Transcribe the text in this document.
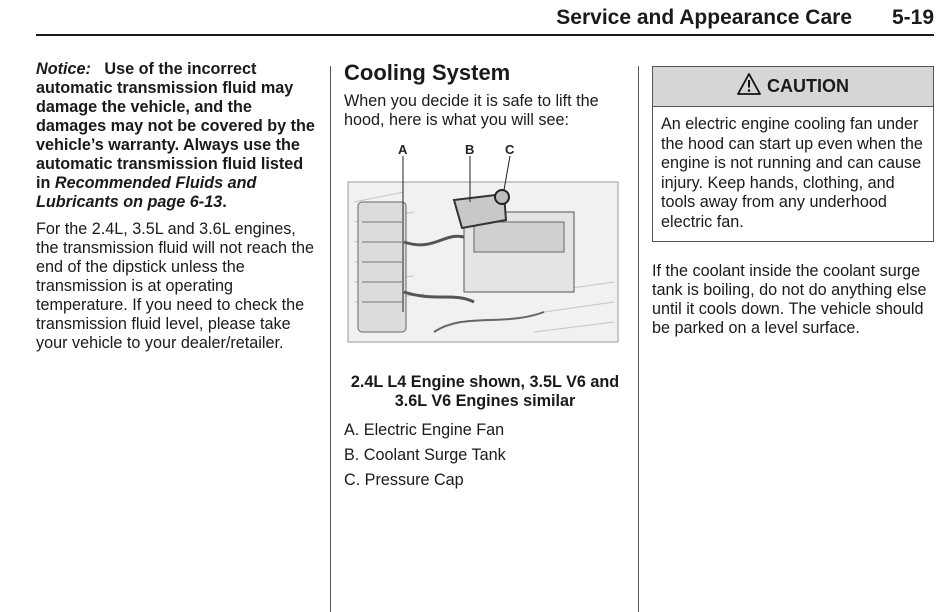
Service and Appearance Care 5-19

Notice: Use of the incorrect automatic transmission fluid may damage the vehicle, and the damages may not be covered by the vehicle’s warranty. Always use the automatic transmission fluid listed in Recommended Fluids and Lubricants on page 6-13.

For the 2.4L, 3.5L and 3.6L engines, the transmission fluid will not reach the end of the dipstick unless the transmission is at operating temperature. If you need to check the transmission fluid level, please take your vehicle to your dealer/retailer.

Cooling System

When you decide it is safe to lift the hood, here is what you will see:

A	B C

2.4L L4 Engine shown, 3.5L V6 and 3.6L V6 Engines similar

A. Electric Engine Fan
B. Coolant Surge Tank
C. Pressure Cap
CAUTION
An electric engine cooling fan under the hood can start up even when the engine is not running and can cause injury. Keep hands, clothing, and tools away from any underhood electric fan.

If the coolant inside the coolant surge tank is boiling, do not do anything else until it cools down. The vehicle should be parked on a level surface.
